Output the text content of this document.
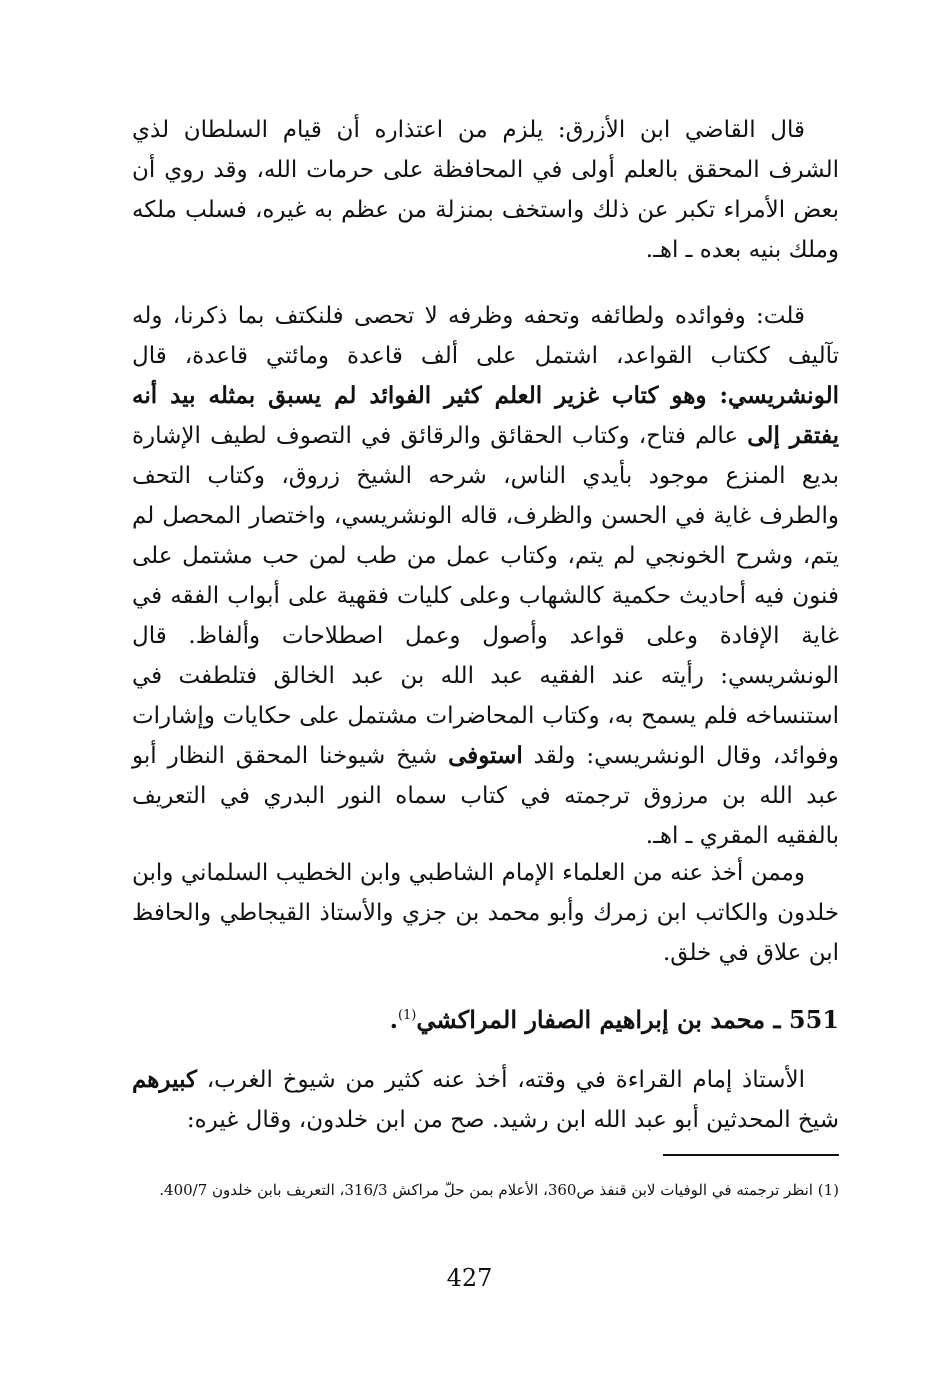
قال القاضي ابن الأزرق: يلزم من اعتذاره أن قيام السلطان لذي الشرف المحقق بالعلم أولى في المحافظة على حرمات الله، وقد روي أن بعض الأمراء تكبر عن ذلك واستخف بمنزلة من عظم به غيره، فسلب ملكه وملك بنيه بعده ـ اهـ.

قلت: وفوائده ولطائفه وتحفه وظرفه لا تحصى فلنكتف بما ذكرنا، وله تآليف ككتاب القواعد، اشتمل على ألف قاعدة ومائتي قاعدة، قال الونشريسي: وهو كتاب غزير العلم كثير الفوائد لم يسبق بمثله بيد أنه يفتقر إلى عالم فتاح، وكتاب الحقائق والرقائق في التصوف لطيف الإشارة بديع المنزع موجود بأيدي الناس، شرحه الشيخ زروق، وكتاب التحف والطرف غاية في الحسن والظرف، قاله الونشريسي، واختصار المحصل لم يتم، وشرح الخونجي لم يتم، وكتاب عمل من طب لمن حب مشتمل على فنون فيه أحاديث حكمية كالشهاب وعلى كليات فقهية على أبواب الفقه في غاية الإفادة وعلى قواعد وأصول وعمل اصطلاحات وألفاظ. قال الونشريسي: رأيته عند الفقيه عبد الله بن عبد الخالق فتلطفت في استنساخه فلم يسمح به، وكتاب المحاضرات مشتمل على حكايات وإشارات وفوائد، وقال الونشريسي: ولقد استوفى شيخ شيوخنا المحقق النظار أبو عبد الله بن مرزوق ترجمته في كتاب سماه النور البدري في التعريف بالفقيه المقري ـ اهـ.

وممن أخذ عنه من العلماء الإمام الشاطبي وابن الخطيب السلماني وابن خلدون والكاتب ابن زمرك وأبو محمد بن جزي والأستاذ القيجاطي والحافظ ابن علاق في خلق.

551 ـ محمد بن إبراهيم الصفار المراكشي$^{(1)}$.

الأستاذ إمام القراءة في وقته، أخذ عنه كثير من شيوخ الغرب، كبيرهم شيخ المحدثين أبو عبد الله ابن رشيد. صح من ابن خلدون، وقال غيره:

(1) انظر ترجمته في الوفيات لابن قنفذ ص360، الأعلام بمن حلّ مراكش 316/3، التعريف بابن خلدون 400/7.

427
